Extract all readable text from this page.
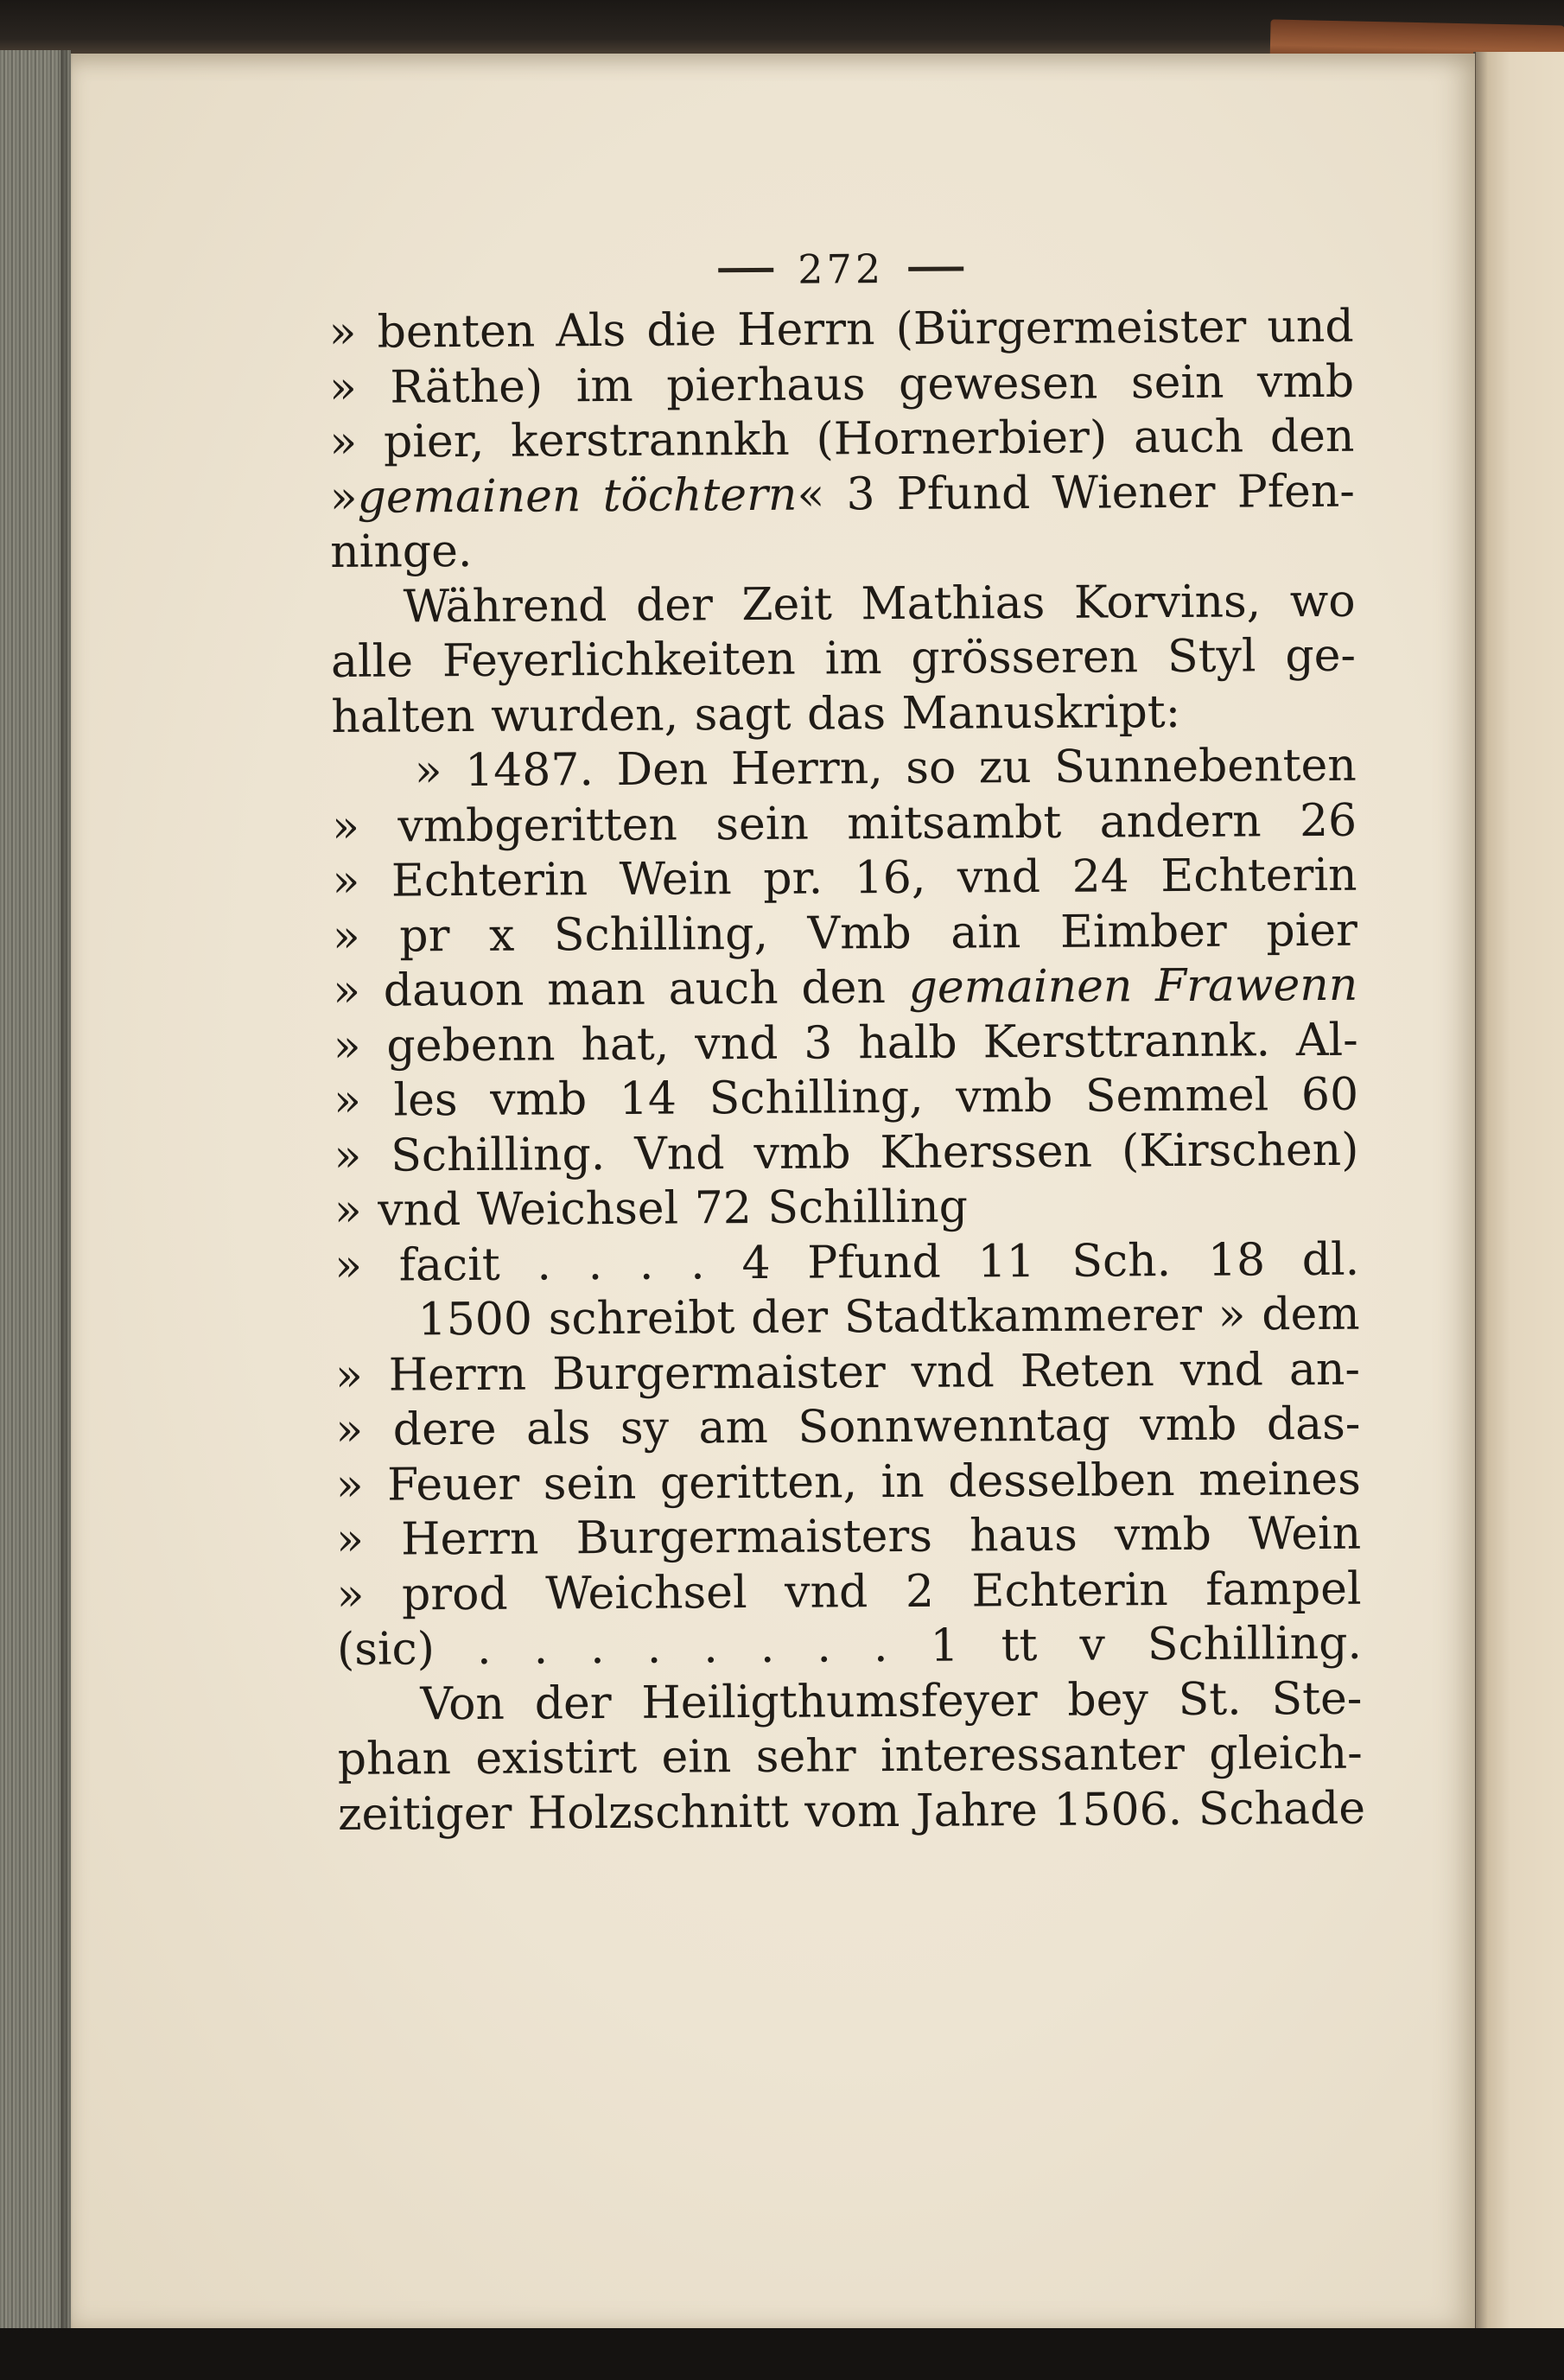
272
» benten Als die Herrn (Bürgermeister und
» Räthe) im pierhaus gewesen sein vmb
» pier, kerstrannkh (Hornerbier) auch den
»gemainen töchtern« 3 Pfund Wiener Pfen-
ninge.
Während der Zeit Mathias Korvins, wo
alle Feyerlichkeiten im grösseren Styl ge-
halten wurden, sagt das Manuskript:
» 1487. Den Herrn, so zu Sunnebenten
» vmbgeritten sein mitsambt andern 26
» Echterin Wein pr. 16, vnd 24 Echterin
» pr x Schilling, Vmb ain Eimber pier
» dauon man auch den gemainen Frawenn
» gebenn hat, vnd 3 halb Kersttrannk. Al-
» les vmb 14 Schilling, vmb Semmel 60
» Schilling. Vnd vmb Kherssen (Kirschen)
» vnd Weichsel 72 Schilling
» facit . . . . 4 Pfund 11 Sch. 18 dl.
1500 schreibt der Stadtkammerer » dem
» Herrn Burgermaister vnd Reten vnd an-
» dere als sy am Sonnwenntag vmb das-
» Feuer sein geritten, in desselben meines
» Herrn Burgermaisters haus vmb Wein
» prod Weichsel vnd 2 Echterin fampel
(sic) . . . . . . . . 1 tt v Schilling.
Von der Heiligthumsfeyer bey St. Ste-
phan existirt ein sehr interessanter gleich-
zeitiger Holzschnitt vom Jahre 1506. Schade
